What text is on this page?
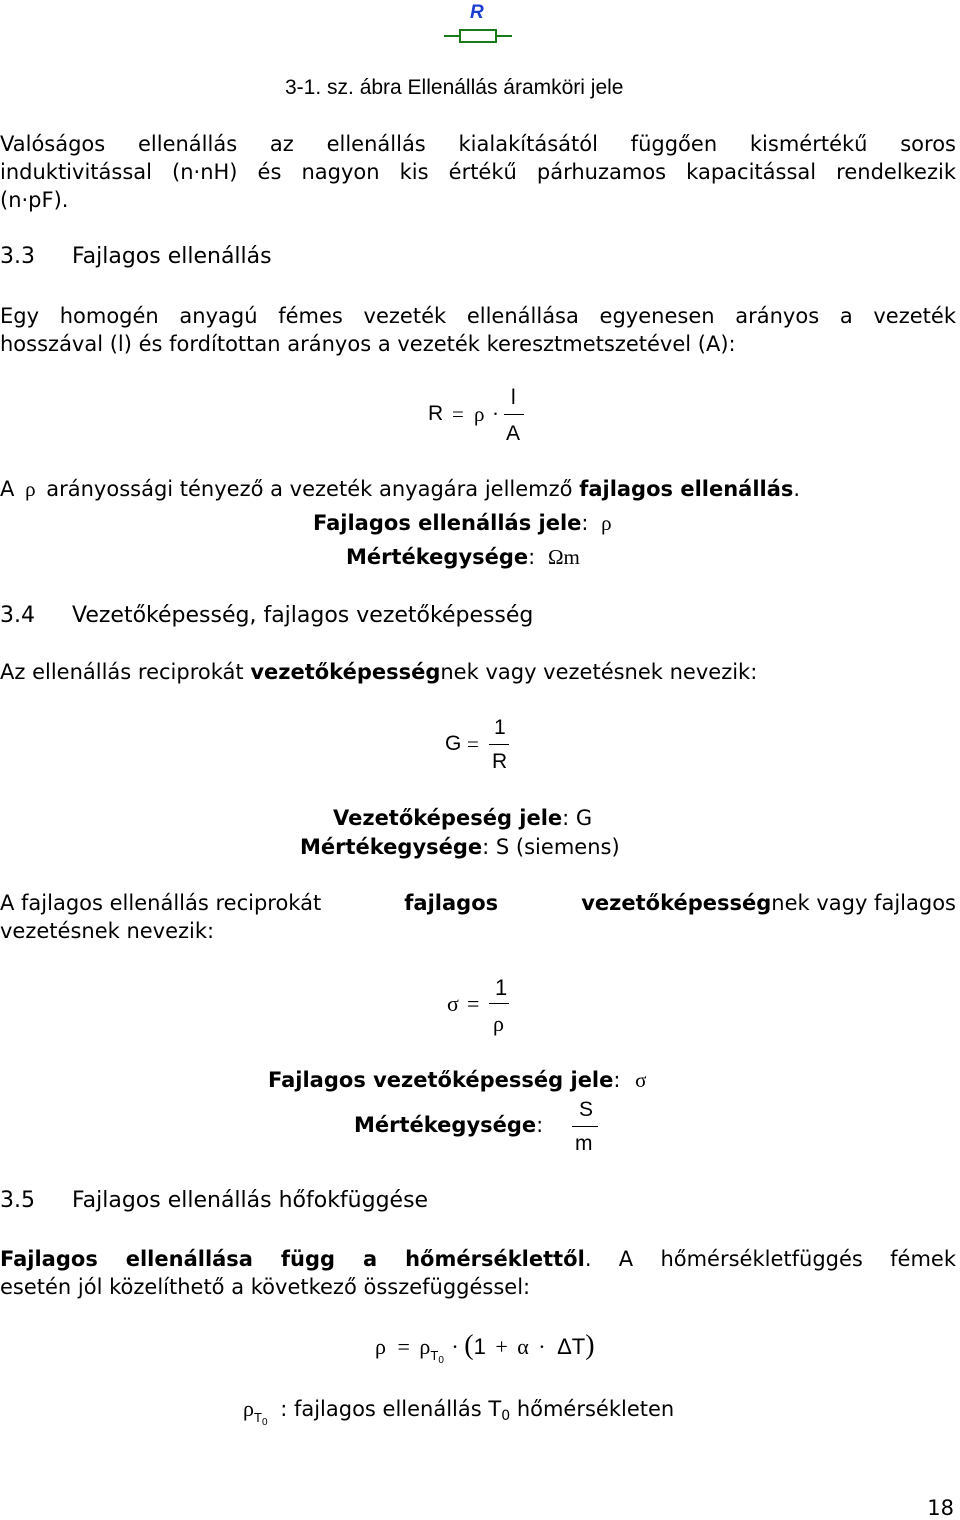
R
3-1. sz. ábra Ellenállás áramköri jele
Valóságos ellenállás az ellenállás kialakításától függően kismértékű soros
induktivitással (n·nH) és nagyon kis értékű párhuzamos kapacitással rendelkezik
(n·pF).
3.3 Fajlagos ellenállás
Egy homogén anyagú fémes vezeték ellenállása egyenesen arányos a vezeték
hosszával (l) és fordítottan arányos a vezeték keresztmetszetével (A):
R = ρ ·
l
A
A ρ arányossági tényező a vezeték anyagára jellemző fajlagos ellenállás.
Fajlagos ellenállás jele: ρ
Mértékegysége: Ωm
3.4 Vezetőképesség, fajlagos vezetőképesség
Az ellenállás reciprokát vezetőképességnek vagy vezetésnek nevezik:
G =
1
R
Vezetőképeség jele: G
Mértékegysége: S (siemens)
A fajlagos ellenállás reciprokát	fajlagos	vezetőképességnek vagy fajlagos
vezetésnek nevezik:
σ =
1
ρ
Fajlagos vezetőképesség jele: σ
Mértékegysége:
S
m
3.5 Fajlagos ellenállás hőfokfüggése
Fajlagos ellenállása függ a hőmérséklettől. A hőmérsékletfüggés fémek
esetén jól közelíthető a következő összefüggéssel:
$\rho = \rho_{T0} \cdot (1 + \alpha \cdot \Delta T)$
$\rho_{T0}$ : fajlagos ellenállás T0 hőmérsékleten
18
